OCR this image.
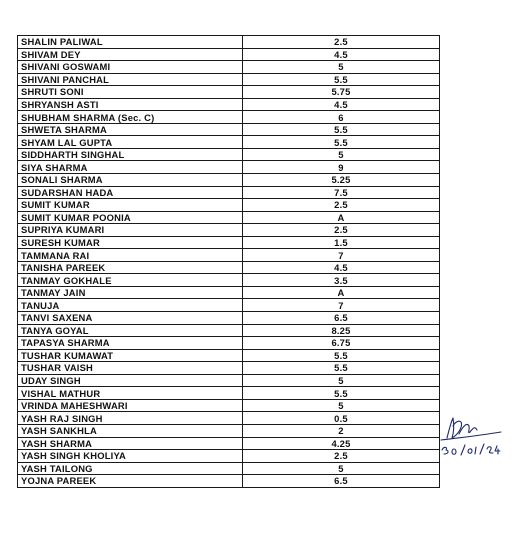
SHALIN PALIWAL	2.5
SHIVAM DEY	4.5
SHIVANI GOSWAMI	5
SHIVANI PANCHAL	5.5
SHRUTI SONI	5.75
SHRYANSH ASTI	4.5
SHUBHAM SHARMA (Sec. C)	6
SHWETA SHARMA	5.5
SHYAM LAL GUPTA	5.5
SIDDHARTH SINGHAL	5
SIYA SHARMA	9
SONALI SHARMA	5.25
SUDARSHAN HADA	7.5
SUMIT KUMAR	2.5
SUMIT KUMAR POONIA	A
SUPRIYA KUMARI	2.5
SURESH KUMAR	1.5
TAMMANA RAI	7
TANISHA PAREEK	4.5
TANMAY GOKHALE	3.5
TANMAY JAIN	A
TANUJA	7
TANVI SAXENA	6.5
TANYA GOYAL	8.25
TAPASYA SHARMA	6.75
TUSHAR KUMAWAT	5.5
TUSHAR VAISH	5.5
UDAY SINGH	5
VISHAL MATHUR	5.5
VRINDA MAHESHWARI	5
YASH RAJ SINGH	0.5
YASH SANKHLA	2
YASH SHARMA	4.25
YASH SINGH KHOLIYA	2.5
YASH TAILONG	5
YOJNA PAREEK	6.5
